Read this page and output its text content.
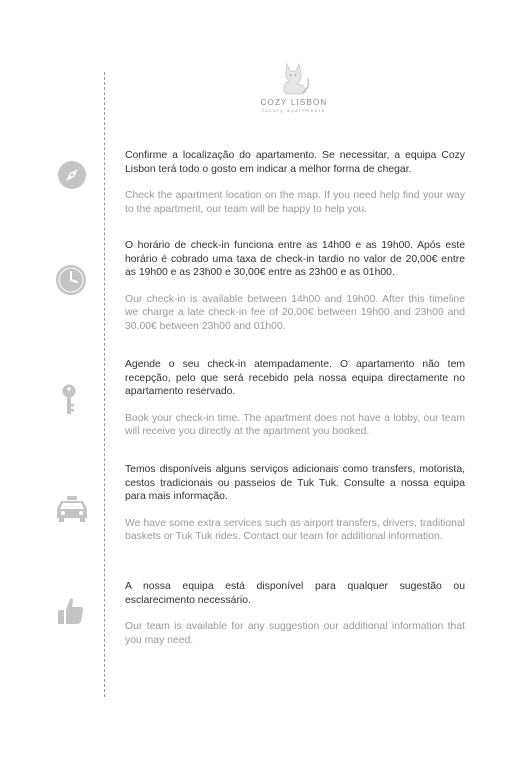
COZY LISBON
luxury apartments

Confirme a localização do apartamento. Se necessitar, a equipa Cozy Lisbon terá todo o gosto em indicar a melhor forma de chegar.

Check the apartment location on the map. If you need help find your way to the apartment, our team will be happy to help you.

O horário de check-in funciona entre as 14h00 e as 19h00. Após este horário é cobrado uma taxa de check-in tardio no valor de 20,00€ entre as 19h00 e as 23h00 e 30,00€ entre as 23h00 e as 01h00.

Our check-in is available between 14h00 and 19h00. After this timeline we charge a late check-in fee of 20,00€ between 19h00 and 23h00 and 30,00€ between 23h00 and 01h00.

Agende o seu check-in atempadamente. O apartamento não tem recepção, pelo que será recebido pela nossa equipa directamente no apartamento reservado.

Book your check-in time. The apartment does not have a lobby, our team will receive you directly at the apartment you booked.

Temos disponíveis alguns serviços adicionais como transfers, motorista, cestos tradicionais ou passeios de Tuk Tuk. Consulte a nossa equipa para mais informação.

We have some extra services such as airport transfers, drivers, traditional baskets or Tuk Tuk rides. Contact our team for additional information.

A nossa equipa está disponível para qualquer sugestão ou esclarecimento necessário.

Our team is available for any suggestion our additional information that you may need.
